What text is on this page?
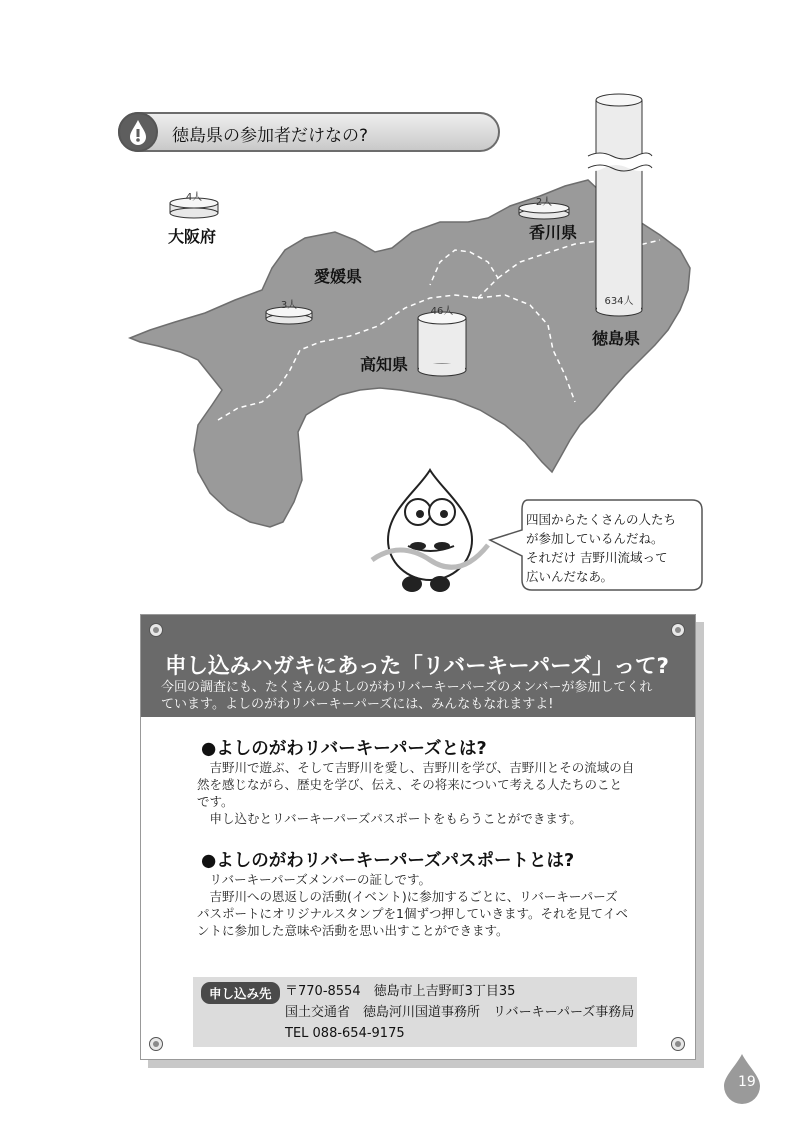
徳島県の参加者だけなの?
4人
大阪府
2人
香川県
愛媛県
3人
46人
高知県
634人
徳島県
四国からたくさんの人たち
が参加しているんだね。
それだけ 吉野川流域って
広いんだなあ。
申し込みハガキにあった「リバーキーパーズ」って?
今回の調査にも、たくさんのよしのがわリバーキーパーズのメンバーが参加してくれ
ています。よしのがわリバーキーパーズには、みんなもなれますよ!
●よしのがわリバーキーパーズとは?
　吉野川で遊ぶ、そして吉野川を愛し、吉野川を学び、吉野川とその流域の自
然を感じながら、歴史を学び、伝え、その将来について考える人たちのこと
です。
　申し込むとリバーキーパーズパスポートをもらうことができます。
●よしのがわリバーキーパーズパスポートとは?
　リバーキーパーズメンバーの証しです。
　吉野川への恩返しの活動(イベント)に参加するごとに、リバーキーパーズ
パスポートにオリジナルスタンプを1個ずつ押していきます。それを見てイベ
ントに参加した意味や活動を思い出すことができます。
申し込み先	〒770-8554　徳島市上吉野町3丁目35
国土交通省　徳島河川国道事務所　リバーキーパーズ事務局
TEL 088-654-9175
19
